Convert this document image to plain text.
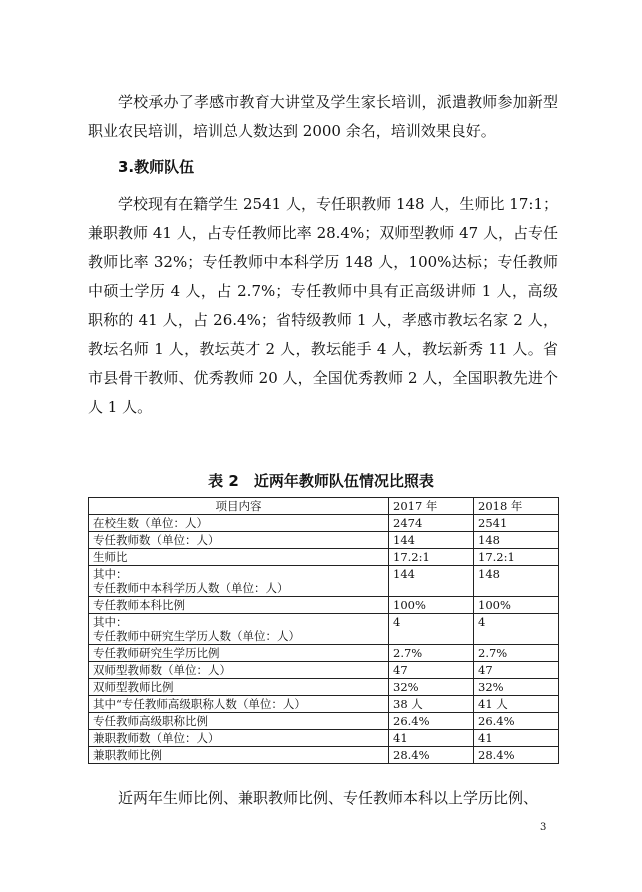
学校承办了孝感市教育大讲堂及学生家长培训，派遣教师参加新型职业农民培训，培训总人数达到 2000 余名，培训效果良好。

3.教师队伍

学校现有在籍学生 2541 人，专任职教师 148 人，生师比 17:1；兼职教师 41 人，占专任教师比率 28.4%；双师型教师 47 人，占专任教师比率 32%；专任教师中本科学历 148 人，100%达标；专任教师中硕士学历 4 人，占 2.7%；专任教师中具有正高级讲师 1 人，高级职称的 41 人，占 26.4%；省特级教师 1 人，孝感市教坛名家 2 人，教坛名师 1 人，教坛英才 2 人，教坛能手 4 人，教坛新秀 11 人。省市县骨干教师、优秀教师 20 人，全国优秀教师 2 人，全国职教先进个人 1 人。

表 2　近两年教师队伍情况比照表

项目内容	2017 年	2018 年
在校生数（单位：人）	2474	2541
专任教师数（单位：人）	144	148
生师比	17.2:1	17.2:1
其中：
专任教师中本科学历人数（单位：人）	144	148
专任教师本科比例	100%	100%
其中：
专任教师中研究生学历人数（单位：人）	4	4
专任教师研究生学历比例	2.7%	2.7%
双师型教师数（单位：人）	47	47
双师型教师比例	32%	32%
其中“专任教师高级职称人数（单位：人）	38 人	41 人
专任教师高级职称比例	26.4%	26.4%
兼职教师数（单位：人）	41	41
兼职教师比例	28.4%	28.4%

近两年生师比例、兼职教师比例、专任教师本科以上学历比例、

3
